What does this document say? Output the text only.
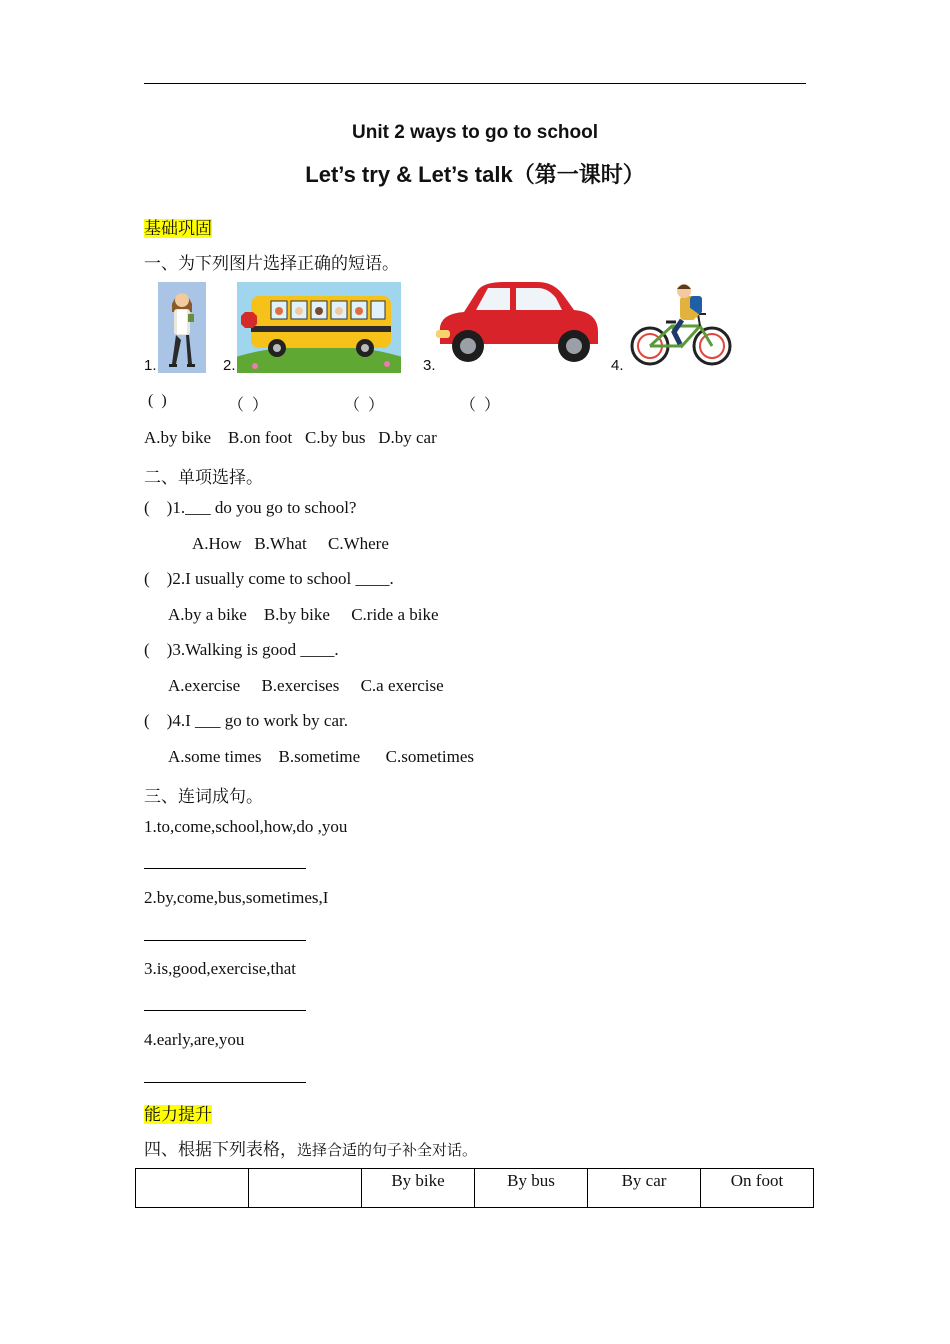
Unit 2 ways to go to school
Let’s try & Let’s talk（第一课时）
基础巩固
一、为下列图片选择正确的短语。
1.	2.	3.	4.
(  )	（  ）	（  ）	（  ）
A.by bike    B.on foot   C.by bus   D.by car
二、单项选择。
(    )1.___ do you go to school?
A.How   B.What     C.Where
(    )2.I usually come to school ____.
A.by a bike    B.by bike     C.ride a bike
(    )3.Walking is good ____.
A.exercise     B.exercises     C.a exercise
(    )4.I ___ go to work by car.
A.some times    B.sometime      C.sometimes
三、连词成句。
1.to,come,school,how,do ,you
2.by,come,bus,sometimes,I
3.is,good,exercise,that
4.early,are,you
能力提升
四、根据下列表格，选择合适的句子补全对话。
		By bike	By bus	By car	On foot
